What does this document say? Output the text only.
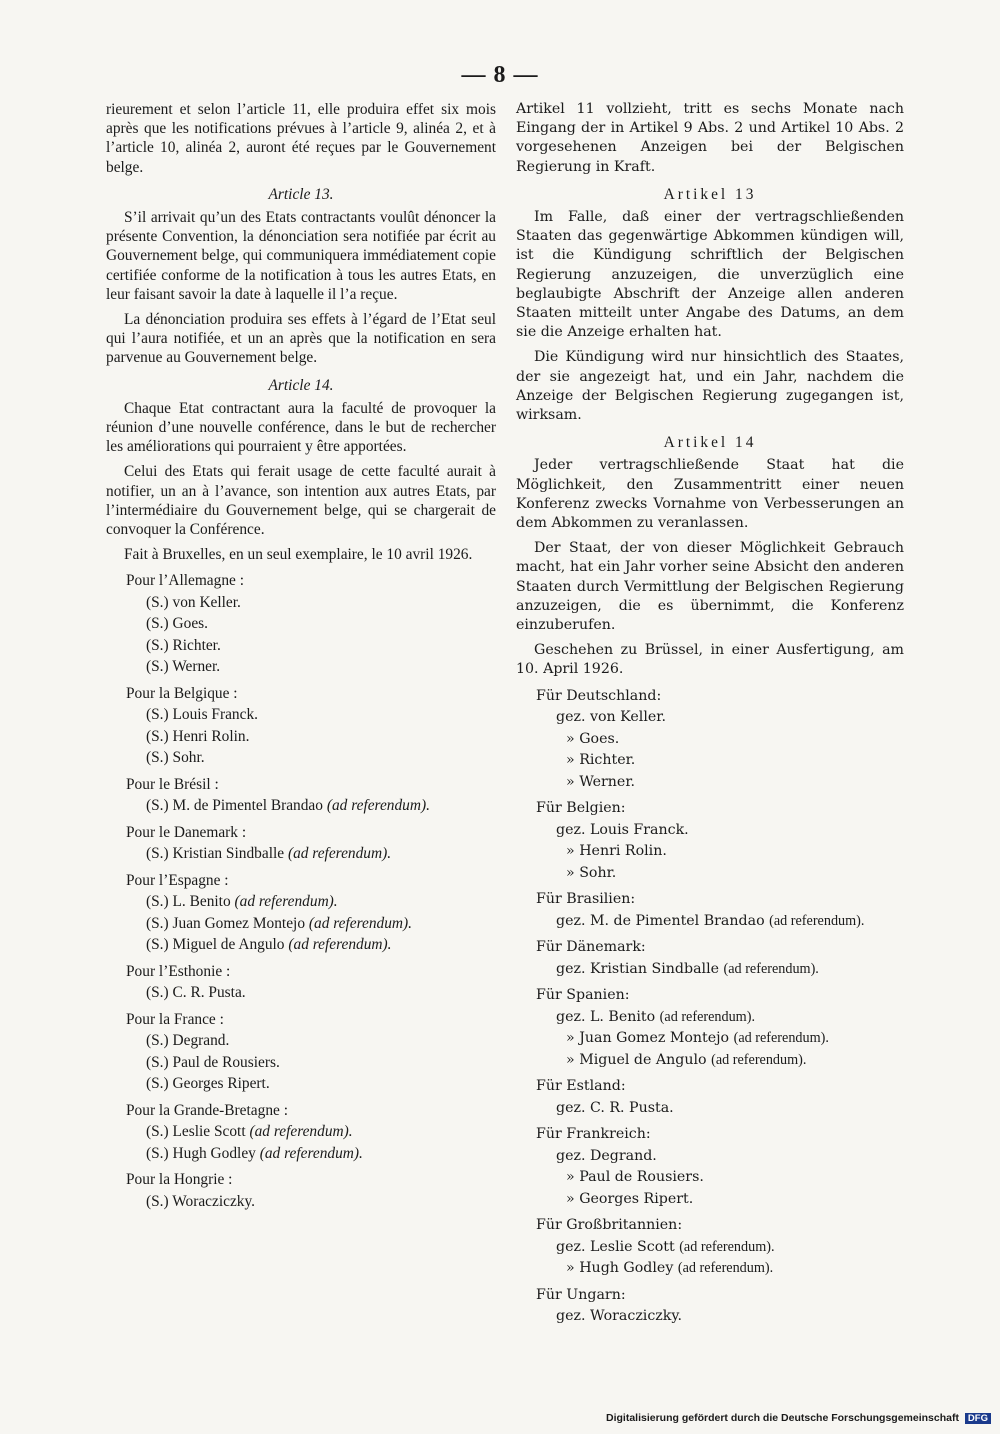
— 8 —

rieurement et selon l’article 11, elle produira effet six mois après que les notifications prévues à l’article 9, alinéa 2, et à l’article 10, alinéa 2, auront été reçues par le Gouvernement belge.

Article 13.

S’il arrivait qu’un des Etats contractants voulût dénoncer la présente Convention, la dénonciation sera notifiée par écrit au Gouvernement belge, qui communiquera immédiatement copie certifiée conforme de la notification à tous les autres Etats, en leur faisant savoir la date à laquelle il l’a reçue.

La dénonciation produira ses effets à l’égard de l’Etat seul qui l’aura notifiée, et un an après que la notification en sera parvenue au Gouvernement belge.

Article 14.

Chaque Etat contractant aura la faculté de provoquer la réunion d’une nouvelle conférence, dans le but de rechercher les améliorations qui pourraient y être apportées.

Celui des Etats qui ferait usage de cette faculté aurait à notifier, un an à l’avance, son intention aux autres Etats, par l’intermédiaire du Gouvernement belge, qui se chargerait de convoquer la Conférence.

Fait à Bruxelles, en un seul exemplaire, le 10 avril 1926.

Pour l’Allemagne :
(S.) von Keller.
(S.) Goes.
(S.) Richter.
(S.) Werner.
Pour la Belgique :
(S.) Louis Franck.
(S.) Henri Rolin.
(S.) Sohr.
Pour le Brésil :
(S.) M. de Pimentel Brandao (ad referendum).
Pour le Danemark :
(S.) Kristian Sindballe (ad referendum).
Pour l’Espagne :
(S.) L. Benito (ad referendum).
(S.) Juan Gomez Montejo (ad referendum).
(S.) Miguel de Angulo (ad referendum).
Pour l’Esthonie :
(S.) C. R. Pusta.
Pour la France :
(S.) Degrand.
(S.) Paul de Rousiers.
(S.) Georges Ripert.
Pour la Grande-Bretagne :
(S.) Leslie Scott (ad referendum).
(S.) Hugh Godley (ad referendum).
Pour la Hongrie :
(S.) Woracziczky.

Artikel 11 vollzieht, tritt es sechs Monate nach Eingang der in Artikel 9 Abs. 2 und Artikel 10 Abs. 2 vorgesehenen Anzeigen bei der Belgischen Regierung in Kraft.

Artikel 13

Im Falle, daß einer der vertragschließenden Staaten das gegenwärtige Abkommen kündigen will, ist die Kündigung schriftlich der Belgischen Regierung anzuzeigen, die unverzüglich eine beglaubigte Abschrift der Anzeige allen anderen Staaten mitteilt unter Angabe des Datums, an dem sie die Anzeige erhalten hat.

Die Kündigung wird nur hinsichtlich des Staates, der sie angezeigt hat, und ein Jahr, nachdem die Anzeige der Belgischen Regierung zugegangen ist, wirksam.

Artikel 14

Jeder vertragschließende Staat hat die Möglichkeit, den Zusammentritt einer neuen Konferenz zwecks Vornahme von Verbesserungen an dem Abkommen zu veranlassen.

Der Staat, der von dieser Möglichkeit Gebrauch macht, hat ein Jahr vorher seine Absicht den anderen Staaten durch Vermittlung der Belgischen Regierung anzuzeigen, die es übernimmt, die Konferenz einzuberufen.

Geschehen zu Brüssel, in einer Ausfertigung, am 10. April 1926.

Für Deutschland:
gez. von Keller.
» Goes.
» Richter.
» Werner.
Für Belgien:
gez. Louis Franck.
» Henri Rolin.
» Sohr.
Für Brasilien:
gez. M. de Pimentel Brandao (ad referendum).
Für Dänemark:
gez. Kristian Sindballe (ad referendum).
Für Spanien:
gez. L. Benito (ad referendum).
» Juan Gomez Montejo (ad referendum).
» Miguel de Angulo (ad referendum).
Für Estland:
gez. C. R. Pusta.
Für Frankreich:
gez. Degrand.
» Paul de Rousiers.
» Georges Ripert.
Für Großbritannien:
gez. Leslie Scott (ad referendum).
» Hugh Godley (ad referendum).
Für Ungarn:
gez. Woracziczky.
Digitalisierung gefördert durch die Deutsche Forschungsgemeinschaft DFG
